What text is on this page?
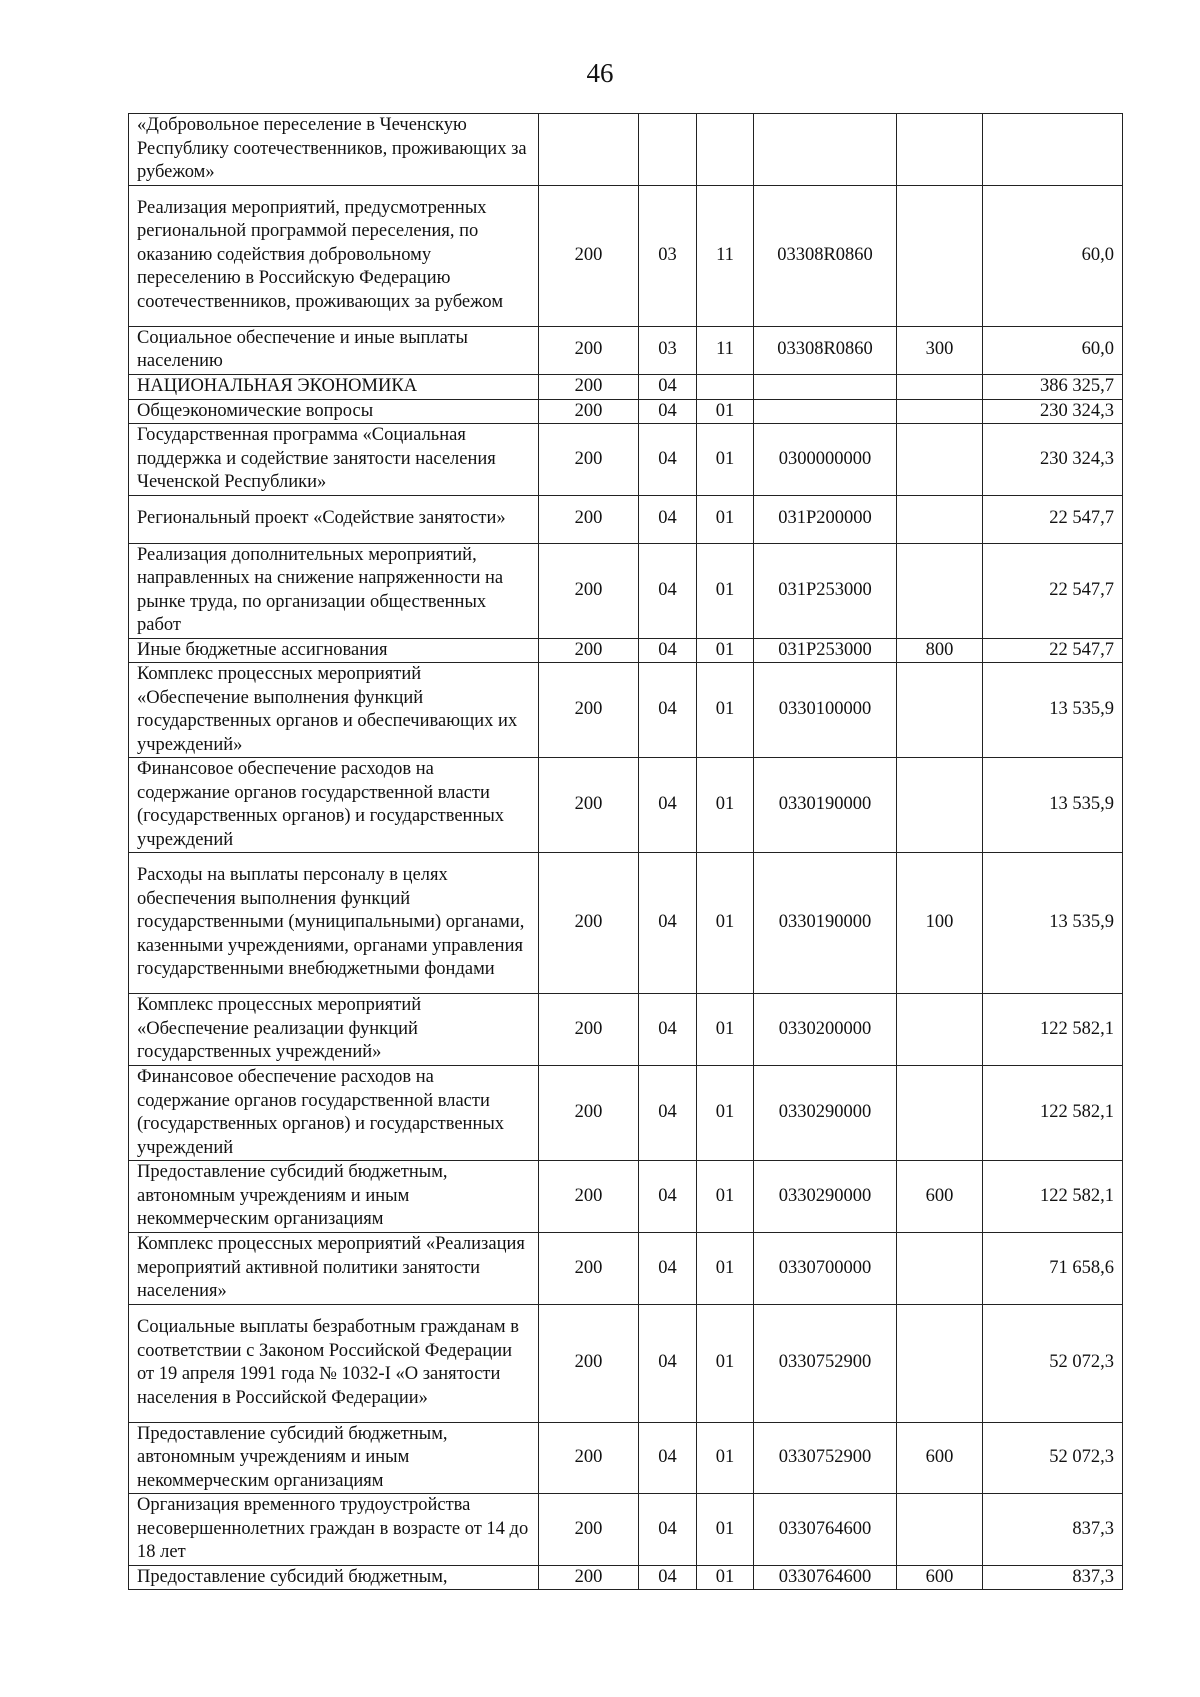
46
«Добровольное переселение в Чеченскую Республику соотечественников, проживающих за рубежом»						
Реализация мероприятий, предусмотренных региональной программой переселения, по оказанию содействия добровольному переселению в Российскую Федерацию соотечественников, проживающих за рубежом	200	03	11	03308R0860		60,0
Социальное обеспечение и иные выплаты населению	200	03	11	03308R0860	300	60,0
НАЦИОНАЛЬНАЯ ЭКОНОМИКА	200	04				386 325,7
Общеэкономические вопросы	200	04	01			230 324,3
Государственная программа «Социальная поддержка и содействие занятости населения Чеченской Республики»	200	04	01	0300000000		230 324,3
Региональный проект «Содействие занятости»	200	04	01	031P200000		22 547,7
Реализация дополнительных мероприятий, направленных на снижение напряженности на рынке труда, по организации общественных работ	200	04	01	031P253000		22 547,7
Иные бюджетные ассигнования	200	04	01	031P253000	800	22 547,7
Комплекс процессных мероприятий «Обеспечение выполнения функций государственных органов и обеспечивающих их учреждений»	200	04	01	0330100000		13 535,9
Финансовое обеспечение расходов на содержание органов государственной власти (государственных органов) и государственных учреждений	200	04	01	0330190000		13 535,9
Расходы на выплаты персоналу в целях обеспечения выполнения функций государственными (муниципальными) органами, казенными учреждениями, органами управления государственными внебюджетными фондами	200	04	01	0330190000	100	13 535,9
Комплекс процессных мероприятий «Обеспечение реализации функций государственных учреждений»	200	04	01	0330200000		122 582,1
Финансовое обеспечение расходов на содержание органов государственной власти (государственных органов) и государственных учреждений	200	04	01	0330290000		122 582,1
Предоставление субсидий бюджетным, автономным учреждениям и иным некоммерческим организациям	200	04	01	0330290000	600	122 582,1
Комплекс процессных мероприятий «Реализация мероприятий активной политики занятости населения»	200	04	01	0330700000		71 658,6
Социальные выплаты безработным гражданам в соответствии с Законом Российской Федерации от 19 апреля 1991 года № 1032-I «О занятости населения в Российской Федерации»	200	04	01	0330752900		52 072,3
Предоставление субсидий бюджетным, автономным учреждениям и иным некоммерческим организациям	200	04	01	0330752900	600	52 072,3
Организация временного трудоустройства несовершеннолетних граждан в возрасте от 14 до 18 лет	200	04	01	0330764600		837,3
Предоставление субсидий бюджетным,	200	04	01	0330764600	600	837,3
